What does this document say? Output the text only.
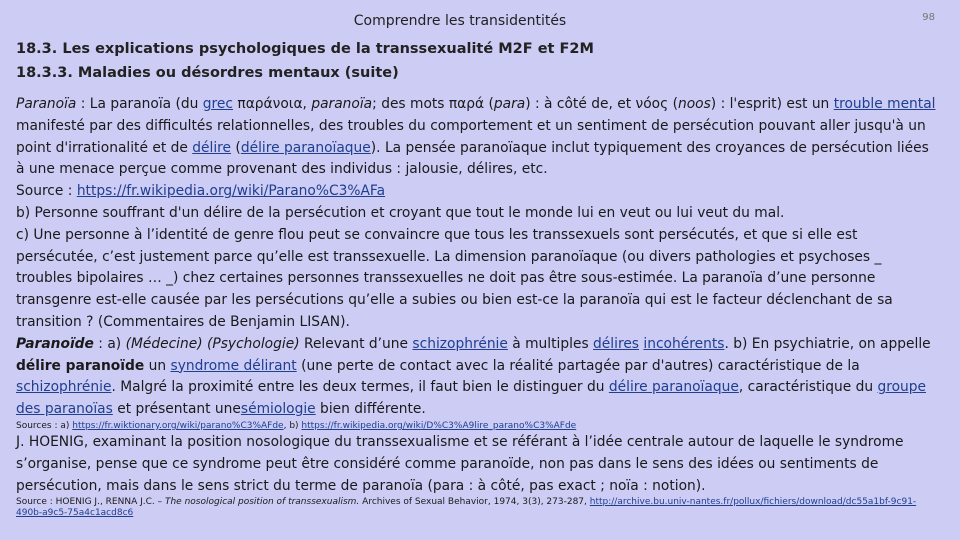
Comprendre les transidentités	98
18.3. Les explications psychologiques de la transsexualité M2F et F2M
18.3.3. Maladies ou désordres mentaux (suite)

Paranoïa : La paranoïa (du grec παράνοια, paranoïa; des mots παρά (para) : à côté de, et νόος (noos) : l'esprit) est un trouble mental manifesté par des difficultés relationnelles, des troubles du comportement et un sentiment de persécution pouvant aller jusqu'à un point d'irrationalité et de délire (délire paranoïaque). La pensée paranoïaque inclut typiquement des croyances de persécution liées à une menace perçue comme provenant des individus : jalousie, délires, etc.

Source : https://fr.wikipedia.org/wiki/Parano%C3%AFa

b) Personne souffrant d'un délire de la persécution et croyant que tout le monde lui en veut ou lui veut du mal.

c) Une personne à l’identité de genre flou peut se convaincre que tous les transsexuels sont persécutés, et que si elle est persécutée, c’est justement parce qu’elle est transsexuelle. La dimension paranoïaque (ou divers pathologies et psychoses _ troubles bipolaires … _) chez certaines personnes transsexuelles ne doit pas être sous-estimée. La paranoïa d’une personne transgenre est-elle causée par les persécutions qu’elle a subies ou bien est-ce la paranoïa qui est le facteur déclenchant de sa transition ? (Commentaires de Benjamin LISAN).

Paranoïde : a) (Médecine) (Psychologie) Relevant d’une schizophrénie à multiples délires incohérents. b) En psychiatrie, on appelle délire paranoïde un syndrome délirant (une perte de contact avec la réalité partagée par d'autres) caractéristique de la schizophrénie. Malgré la proximité entre les deux termes, il faut bien le distinguer du délire paranoïaque, caractéristique du groupe des paranoïas et présentant unesémiologie bien différente.

Sources : a) https://fr.wiktionary.org/wiki/parano%C3%AFde, b) https://fr.wikipedia.org/wiki/D%C3%A9lire_parano%C3%AFde

J. HOENIG, examinant la position nosologique du transsexualisme et se référant à l’idée centrale autour de laquelle le syndrome s’organise, pense que ce syndrome peut être considéré comme paranoïde, non pas dans le sens des idées ou sentiments de persécution, mais dans le sens strict du terme de paranoïa (para : à côté, pas exact ; noïa : notion).

Source : HOENIG J., RENNA J.C. – The nosological position of transsexualism. Archives of Sexual Behavior, 1974, 3(3), 273-287, http://archive.bu.univ-nantes.fr/pollux/fichiers/download/dc55a1bf-9c91-490b-a9c5-75a4c1acd8c6
